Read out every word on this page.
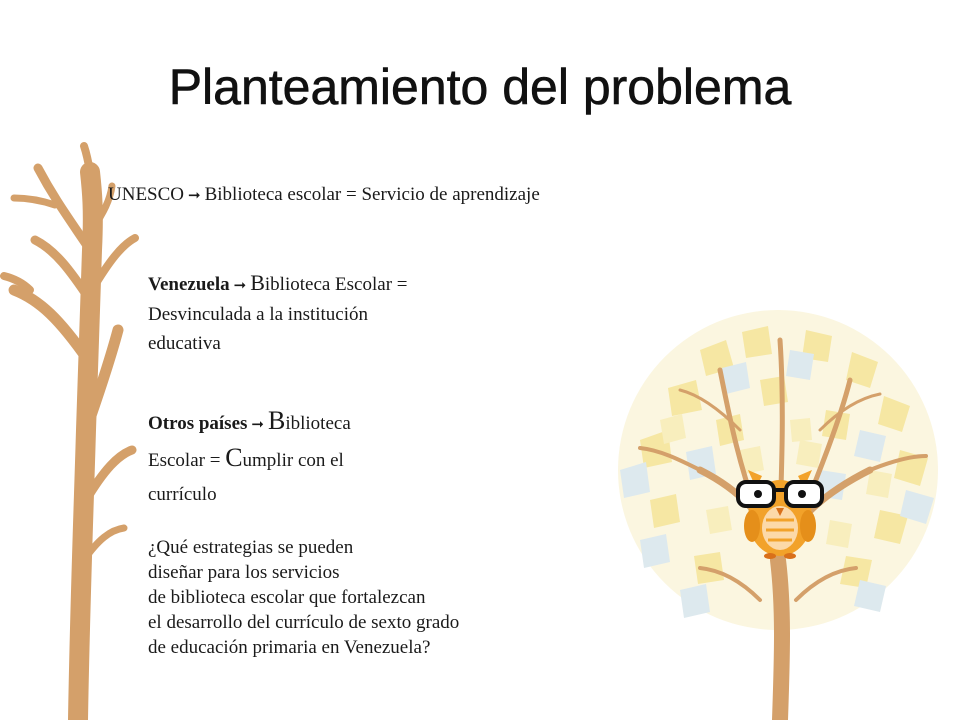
Planteamiento del problema
UNESCO ➞ Biblioteca escolar = Servicio de aprendizaje
Venezuela ➞ Biblioteca Escolar =
Desvinculada a la institución
educativa
Otros países ➞ Biblioteca
Escolar = Cumplir con el
currículo
¿Qué estrategias se pueden
diseñar para los servicios
de biblioteca escolar que fortalezcan
el desarrollo del currículo de sexto grado
de educación primaria en Venezuela?
